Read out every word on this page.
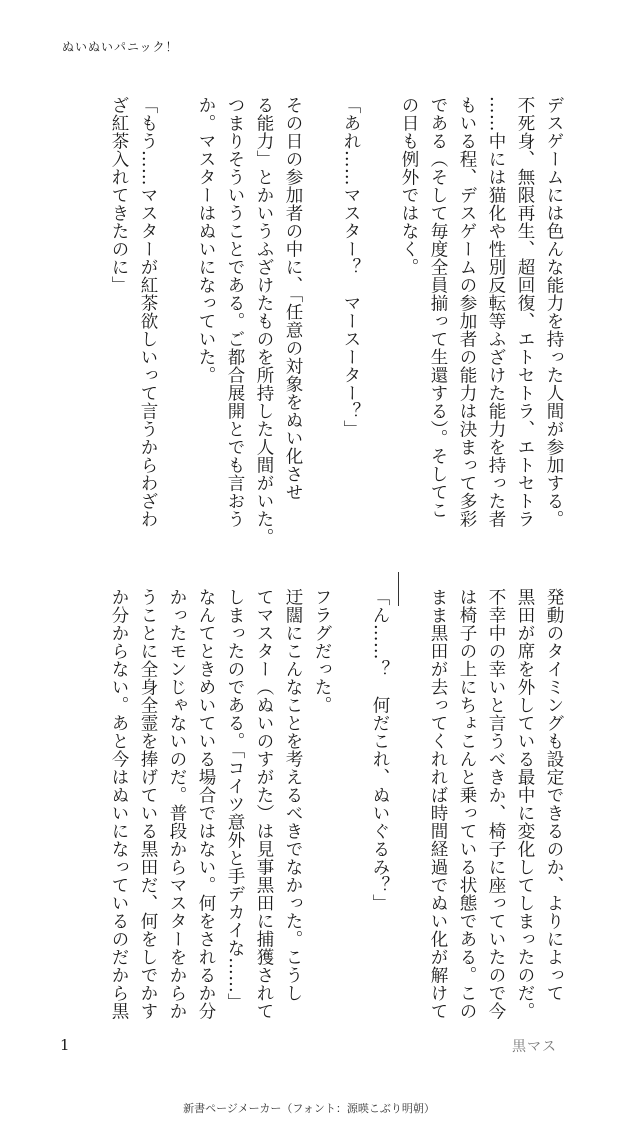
ぬいぬいパニック！

デスゲームには色んな能力を持った人間が参加する。

不死身、無限再生、超回復、エトセトラ、エトセトラ

……中には猫化や性別反転等ふざけた能力を持った者

もいる程、デスゲームの参加者の能力は決まって多彩

である（そして毎度全員揃って生還する）。そしてこ

の日も例外ではなく。

「あれ……マスター？　マースーター？」

その日の参加者の中に、「任意の対象をぬい化させ

る能力」とかいうふざけたものを所持した人間がいた。

つまりそういうことである。ご都合展開とでも言おう

か。マスターはぬいになっていた。

「もう……マスターが紅茶欲しいって言うからわざわ

ざ紅茶入れてきたのに」

発動のタイミングも設定できるのか、よりによって

黒田が席を外している最中に変化してしまったのだ。

不幸中の幸いと言うべきか、椅子に座っていたので今

は椅子の上にちょこんと乗っている状態である。この

まま黒田が去ってくれれば時間経過でぬい化が解けて

「ん……？　何だこれ、ぬいぐるみ？」

フラグだった。

迂闊にこんなことを考えるべきでなかった。こうし

てマスター（ぬいのすがた）は見事黒田に捕獲されて

しまったのである。「コイツ意外と手デカイな……」

なんてときめいている場合ではない。何をされるか分

かったモンじゃないのだ。普段からマスターをからか

うことに全身全霊を捧げている黒田だ、何をしでかす

か分からない。あと今はぬいになっているのだから黒

1	黒マス
新書ページメーカー（フォント：源暎こぶり明朝）
